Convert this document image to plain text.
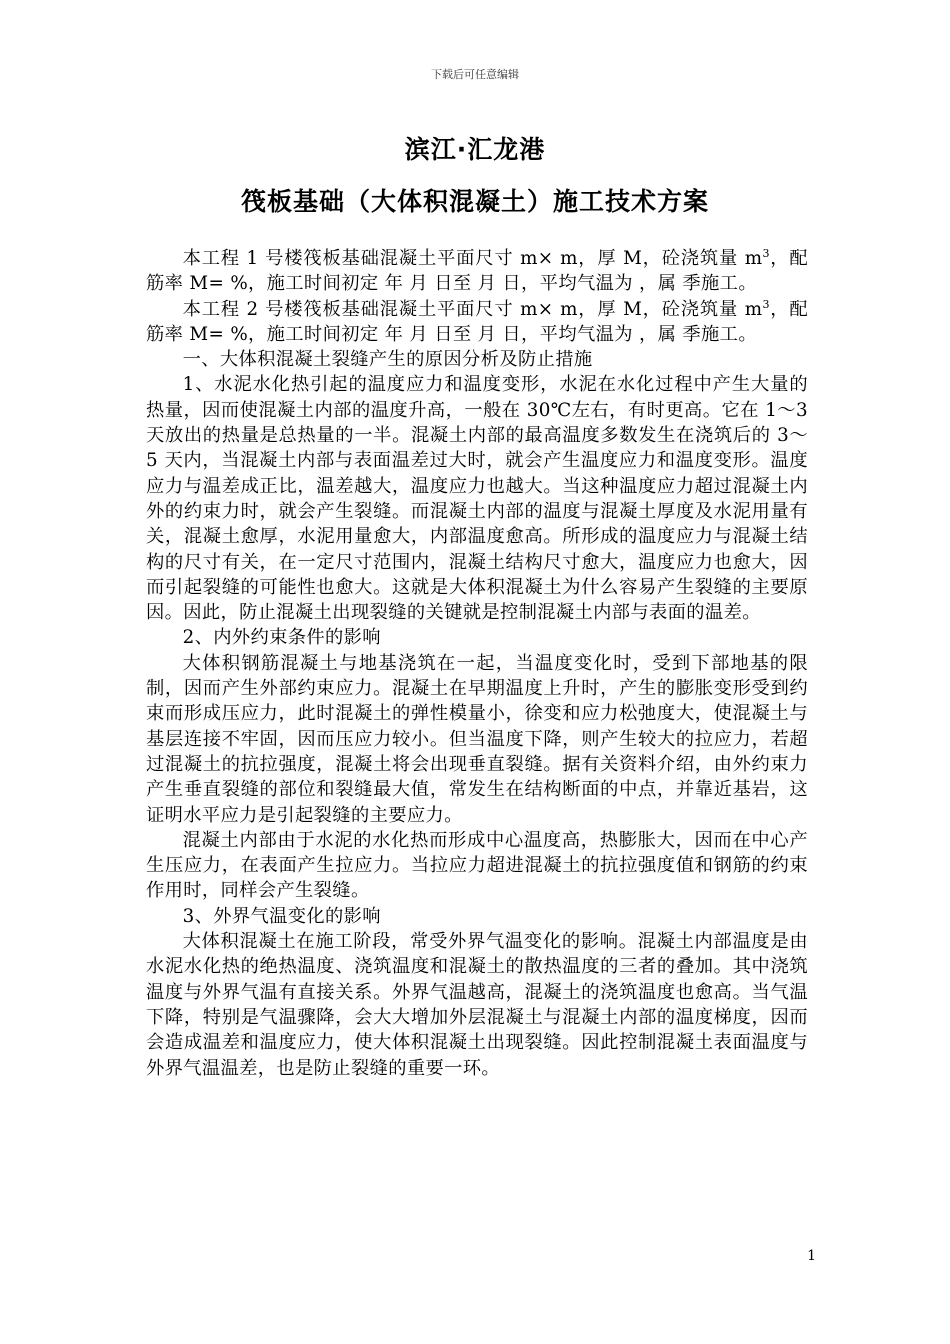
下载后可任意编辑
滨江·汇龙港
筏板基础（大体积混凝土）施工技术方案

本工程 1 号楼筏板基础混凝土平面尺寸 m× m，厚 M，砼浇筑量 $m^3$，配筋率 M= %，施工时间初定 年 月 日至 月 日，平均气温为 ，属 季施工。

本工程 2 号楼筏板基础混凝土平面尺寸 m× m，厚 M，砼浇筑量 $m^3$，配筋率 M= %，施工时间初定 年 月 日至 月 日，平均气温为 ，属 季施工。

一、大体积混凝土裂缝产生的原因分析及防止措施

1、水泥水化热引起的温度应力和温度变形，水泥在水化过程中产生大量的热量，因而使混凝土内部的温度升高，一般在 30℃左右，有时更高。它在 1～3 天放出的热量是总热量的一半。混凝土内部的最高温度多数发生在浇筑后的 3～5 天内，当混凝土内部与表面温差过大时，就会产生温度应力和温度变形。温度应力与温差成正比，温差越大，温度应力也越大。当这种温度应力超过混凝土内外的约束力时，就会产生裂缝。而混凝土内部的温度与混凝土厚度及水泥用量有关，混凝土愈厚，水泥用量愈大，内部温度愈高。所形成的温度应力与混凝土结构的尺寸有关，在一定尺寸范围内，混凝土结构尺寸愈大，温度应力也愈大，因而引起裂缝的可能性也愈大。这就是大体积混凝土为什么容易产生裂缝的主要原因。因此，防止混凝土出现裂缝的关键就是控制混凝土内部与表面的温差。

2、内外约束条件的影响

大体积钢筋混凝土与地基浇筑在一起，当温度变化时，受到下部地基的限制，因而产生外部约束应力。混凝土在早期温度上升时，产生的膨胀变形受到约束而形成压应力，此时混凝土的弹性模量小，徐变和应力松弛度大，使混凝土与基层连接不牢固，因而压应力较小。但当温度下降，则产生较大的拉应力，若超过混凝土的抗拉强度，混凝土将会出现垂直裂缝。据有关资料介绍，由外约束力产生垂直裂缝的部位和裂缝最大值，常发生在结构断面的中点，并靠近基岩，这证明水平应力是引起裂缝的主要应力。

混凝土内部由于水泥的水化热而形成中心温度高，热膨胀大，因而在中心产生压应力，在表面产生拉应力。当拉应力超进混凝土的抗拉强度值和钢筋的约束作用时，同样会产生裂缝。

3、外界气温变化的影响

大体积混凝土在施工阶段，常受外界气温变化的影响。混凝土内部温度是由水泥水化热的绝热温度、浇筑温度和混凝土的散热温度的三者的叠加。其中浇筑温度与外界气温有直接关系。外界气温越高，混凝土的浇筑温度也愈高。当气温下降，特别是气温骤降，会大大增加外层混凝土与混凝土内部的温度梯度，因而会造成温差和温度应力，使大体积混凝土出现裂缝。因此控制混凝土表面温度与外界气温温差，也是防止裂缝的重要一环。

1
